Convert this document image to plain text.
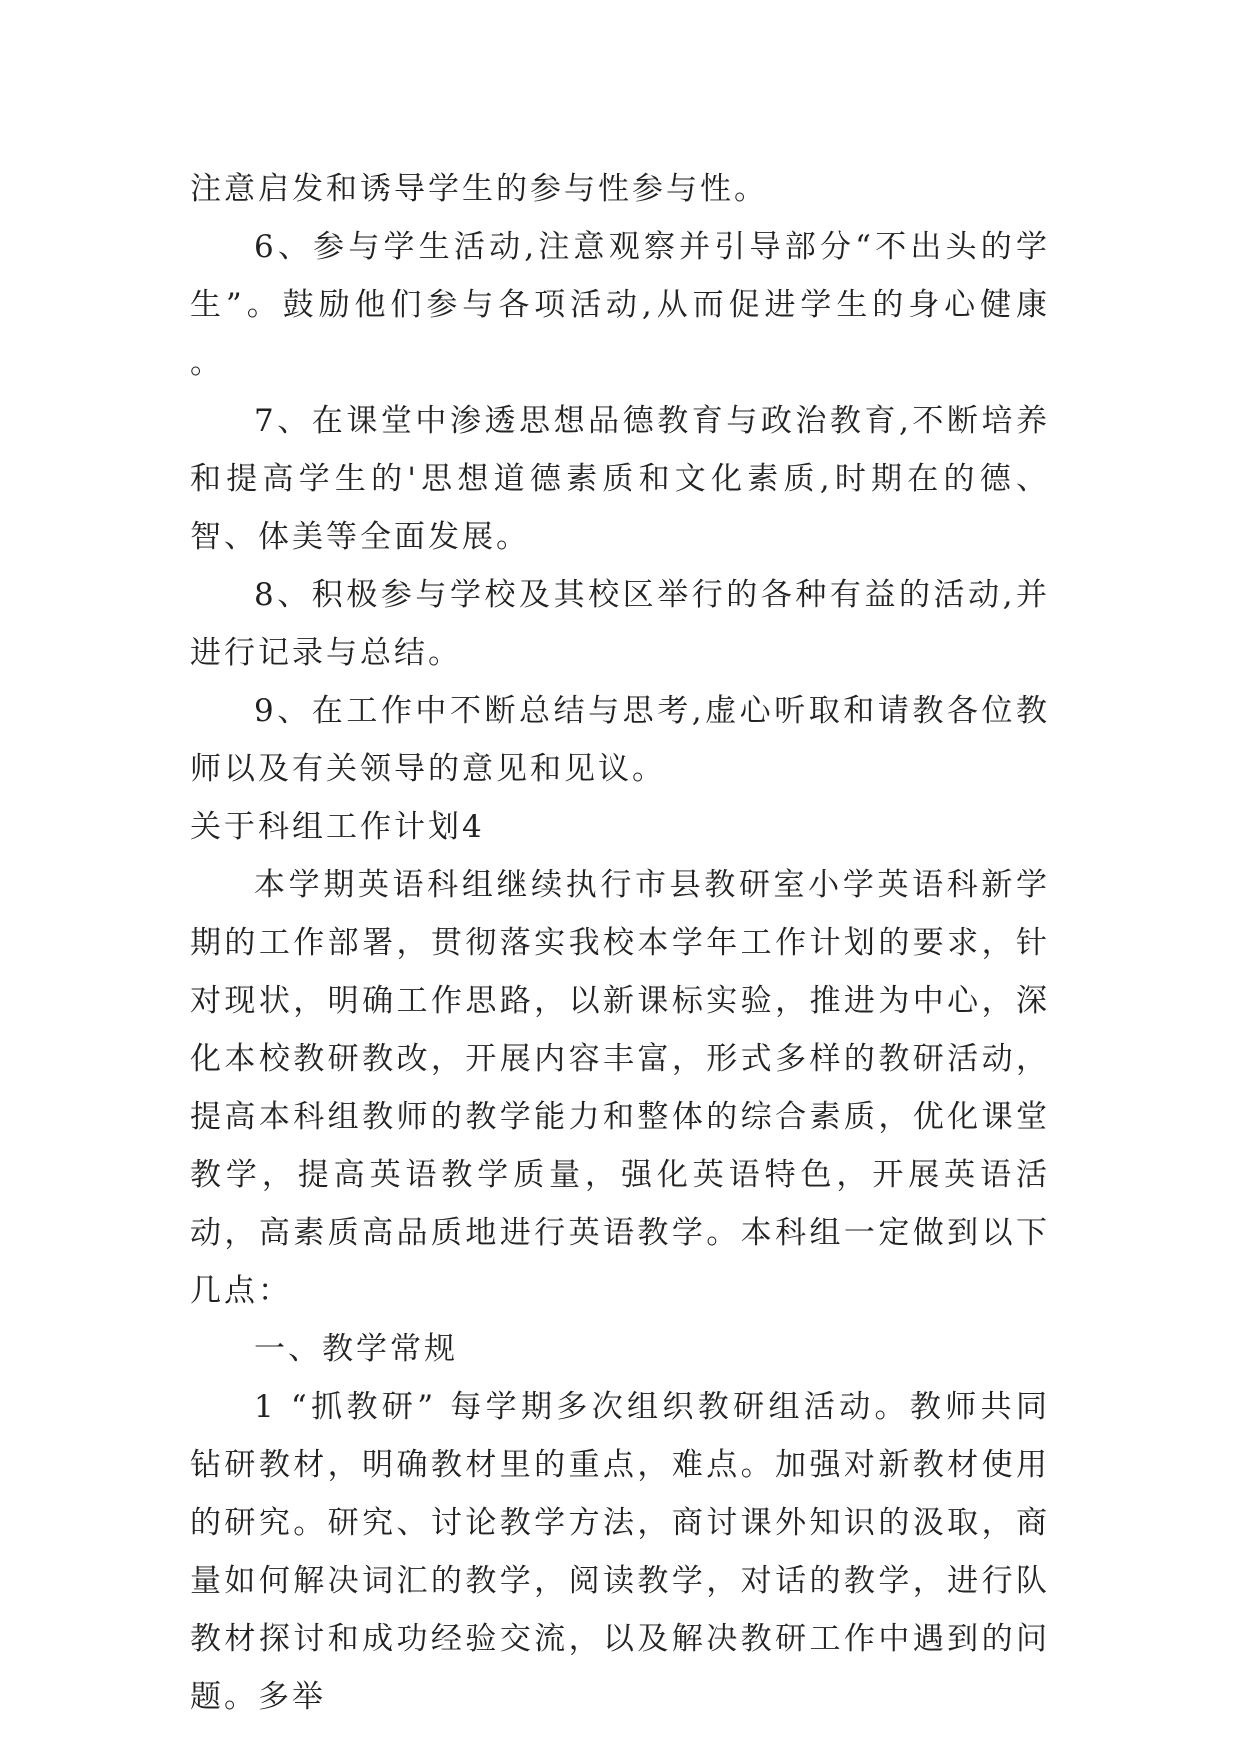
注意启发和诱导学生的参与性参与性。

6、参与学生活动,注意观察并引导部分“不出头的学生”。鼓励他们参与各项活动,从而促进学生的身心健康 。

7、在课堂中渗透思想品德教育与政治教育,不断培养和提高学生的'思想道德素质和文化素质,时期在的德、智、体美等全面发展。

8、积极参与学校及其校区举行的各种有益的活动,并进行记录与总结。

9、在工作中不断总结与思考,虚心听取和请教各位教师以及有关领导的意见和见议。

关于科组工作计划4

本学期英语科组继续执行市县教研室小学英语科新学期的工作部署，贯彻落实我校本学年工作计划的要求，针对现状，明确工作思路，以新课标实验，推进为中心，深化本校教研教改，开展内容丰富，形式多样的教研活动，提高本科组教师的教学能力和整体的综合素质，优化课堂教学，提高英语教学质量，强化英语特色，开展英语活动，高素质高品质地进行英语教学。本科组一定做到以下几点：

一、教学常规

1 “抓教研” 每学期多次组织教研组活动。教师共同钻研教材，明确教材里的重点，难点。加强对新教材使用的研究。研究、讨论教学方法，商讨课外知识的汲取，商量如何解决词汇的教学，阅读教学，对话的教学，进行队教材探讨和成功经验交流，以及解决教研工作中遇到的问题。多举
